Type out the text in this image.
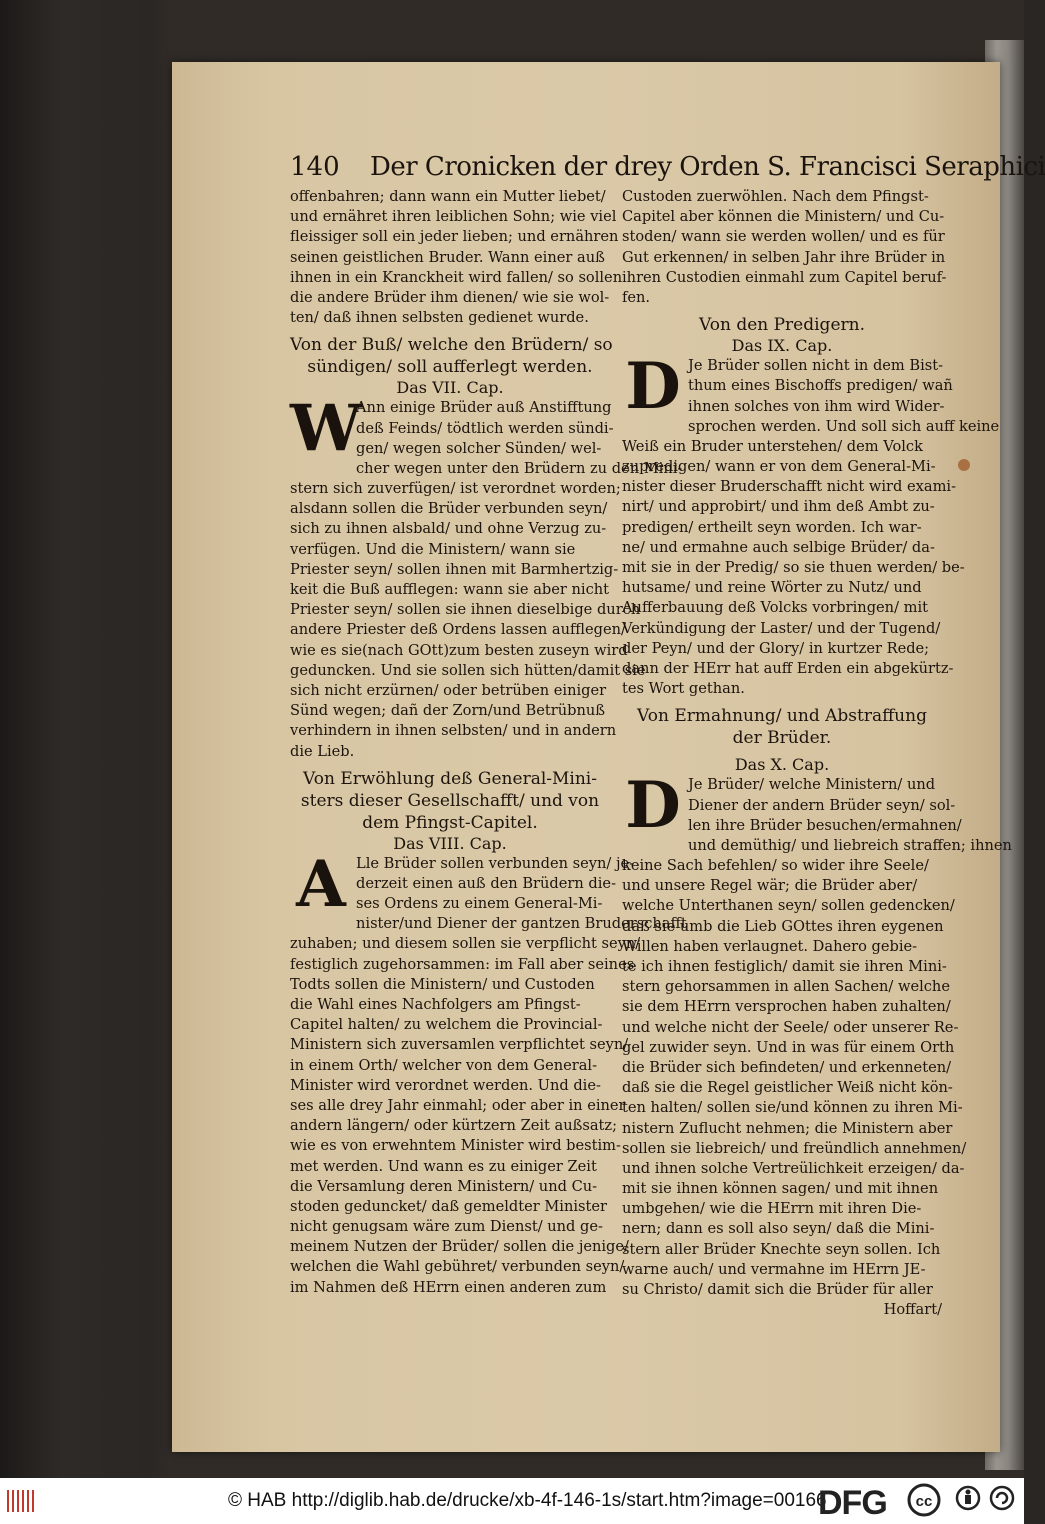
140 Der Cronicken der drey Orden S. Francisci Seraphici
offenbahren; dann wann ein Mutter liebet/
und ernähret ihren leiblichen Sohn; wie viel
fleissiger soll ein jeder lieben; und ernähren
seinen geistlichen Bruder. Wann einer auß
ihnen in ein Kranckheit wird fallen/ so sollen
die andere Brüder ihm dienen/ wie sie wol-
ten/ daß ihnen selbsten gedienet wurde.
Von der Buß/ welche den Brüdern/ so
sündigen/ soll aufferlegt werden.
Das VII. Cap.
W
Ann einige Brüder auß Anstifftung
deß Feinds/ tödtlich werden sündi-
gen/ wegen solcher Sünden/ wel-
cher wegen unter den Brüdern zu den Mini-
stern sich zuverfügen/ ist verordnet worden;
alsdann sollen die Brüder verbunden seyn/
sich zu ihnen alsbald/ und ohne Verzug zu-
verfügen. Und die Ministern/ wann sie
Priester seyn/ sollen ihnen mit Barmhertzig-
keit die Buß aufflegen: wann sie aber nicht
Priester seyn/ sollen sie ihnen dieselbige durch
andere Priester deß Ordens lassen aufflegen/
wie es sie(nach GOtt)zum besten zuseyn wird
geduncken. Und sie sollen sich hütten/damit sie
sich nicht erzürnen/ oder betrüben einiger
Sünd wegen; dañ der Zorn/und Betrübnuß
verhindern in ihnen selbsten/ und in andern
die Lieb.
Von Erwöhlung deß General-Mini-
sters dieser Gesellschafft/ und von
dem Pfingst-Capitel.
Das VIII. Cap.
A Lle Brüder sollen verbunden seyn/ je-
derzeit einen auß den Brüdern die-
ses Ordens zu einem General-Mi-
nister/und Diener der gantzen Bruderschafft
zuhaben; und diesem sollen sie verpflicht seyn/
festiglich zugehorsammen: im Fall aber seines
Todts sollen die Ministern/ und Custoden
die Wahl eines Nachfolgers am Pfingst-
Capitel halten/ zu welchem die Provincial-
Ministern sich zuversamlen verpflichtet seyn/
in einem Orth/ welcher von dem General-
Minister wird verordnet werden. Und die-
ses alle drey Jahr einmahl; oder aber in einer
andern längern/ oder kürtzern Zeit außsatz;
wie es von erwehntem Minister wird bestim-
met werden. Und wann es zu einiger Zeit
die Versamlung deren Ministern/ und Cu-
stoden geduncket/ daß gemeldter Minister
nicht genugsam wäre zum Dienst/ und ge-
meinem Nutzen der Brüder/ sollen die jenige/
welchen die Wahl gebühret/ verbunden seyn/
im Nahmen deß HErrn einen anderen zum
Custoden zuerwöhlen. Nach dem Pfingst-
Capitel aber können die Ministern/ und Cu-
stoden/ wann sie werden wollen/ und es für
Gut erkennen/ in selben Jahr ihre Brüder in
ihren Custodien einmahl zum Capitel beruf-
fen.
Von den Predigern.
Das IX. Cap.
D Je Brüder sollen nicht in dem Bist-
thum eines Bischoffs predigen/ wañ
ihnen solches von ihm wird Wider-
sprochen werden. Und soll sich auff keine
Weiß ein Bruder unterstehen/ dem Volck
zupredigen/ wann er von dem General-Mi-
nister dieser Bruderschafft nicht wird exami-
nirt/ und approbirt/ und ihm deß Ambt zu-
predigen/ ertheilt seyn worden. Ich war-
ne/ und ermahne auch selbige Brüder/ da-
mit sie in der Predig/ so sie thuen werden/ be-
hutsame/ und reine Wörter zu Nutz/ und
Aufferbauung deß Volcks vorbringen/ mit
Verkündigung der Laster/ und der Tugend/
der Peyn/ und der Glory/ in kurtzer Rede;
dann der HErr hat auff Erden ein abgekürtz-
tes Wort gethan.
Von Ermahnung/ und Abstraffung
der Brüder.
Das X. Cap.
D Je Brüder/ welche Ministern/ und
Diener der andern Brüder seyn/ sol-
len ihre Brüder besuchen/ermahnen/
und demüthig/ und liebreich straffen; ihnen
keine Sach befehlen/ so wider ihre Seele/
und unsere Regel wär; die Brüder aber/
welche Unterthanen seyn/ sollen gedencken/
daß sie umb die Lieb GOttes ihren eygenen
Willen haben verlaugnet. Dahero gebie-
te ich ihnen festiglich/ damit sie ihren Mini-
stern gehorsammen in allen Sachen/ welche
sie dem HErrn versprochen haben zuhalten/
und welche nicht der Seele/ oder unserer Re-
gel zuwider seyn. Und in was für einem Orth
die Brüder sich befindeten/ und erkenneten/
daß sie die Regel geistlicher Weiß nicht kön-
ten halten/ sollen sie/und können zu ihren Mi-
nistern Zuflucht nehmen; die Ministern aber
sollen sie liebreich/ und freündlich annehmen/
und ihnen solche Vertreülichkeit erzeigen/ da-
mit sie ihnen können sagen/ und mit ihnen
umbgehen/ wie die HErrn mit ihren Die-
nern; dann es soll also seyn/ daß die Mini-
stern aller Brüder Knechte seyn sollen. Ich
warne auch/ und vermahne im HErrn JE-
su Christo/ damit sich die Brüder für aller
Hoffart/
© HAB http://diglib.hab.de/drucke/xb-4f-146-1s/start.htm?image=00166
DFG cc
